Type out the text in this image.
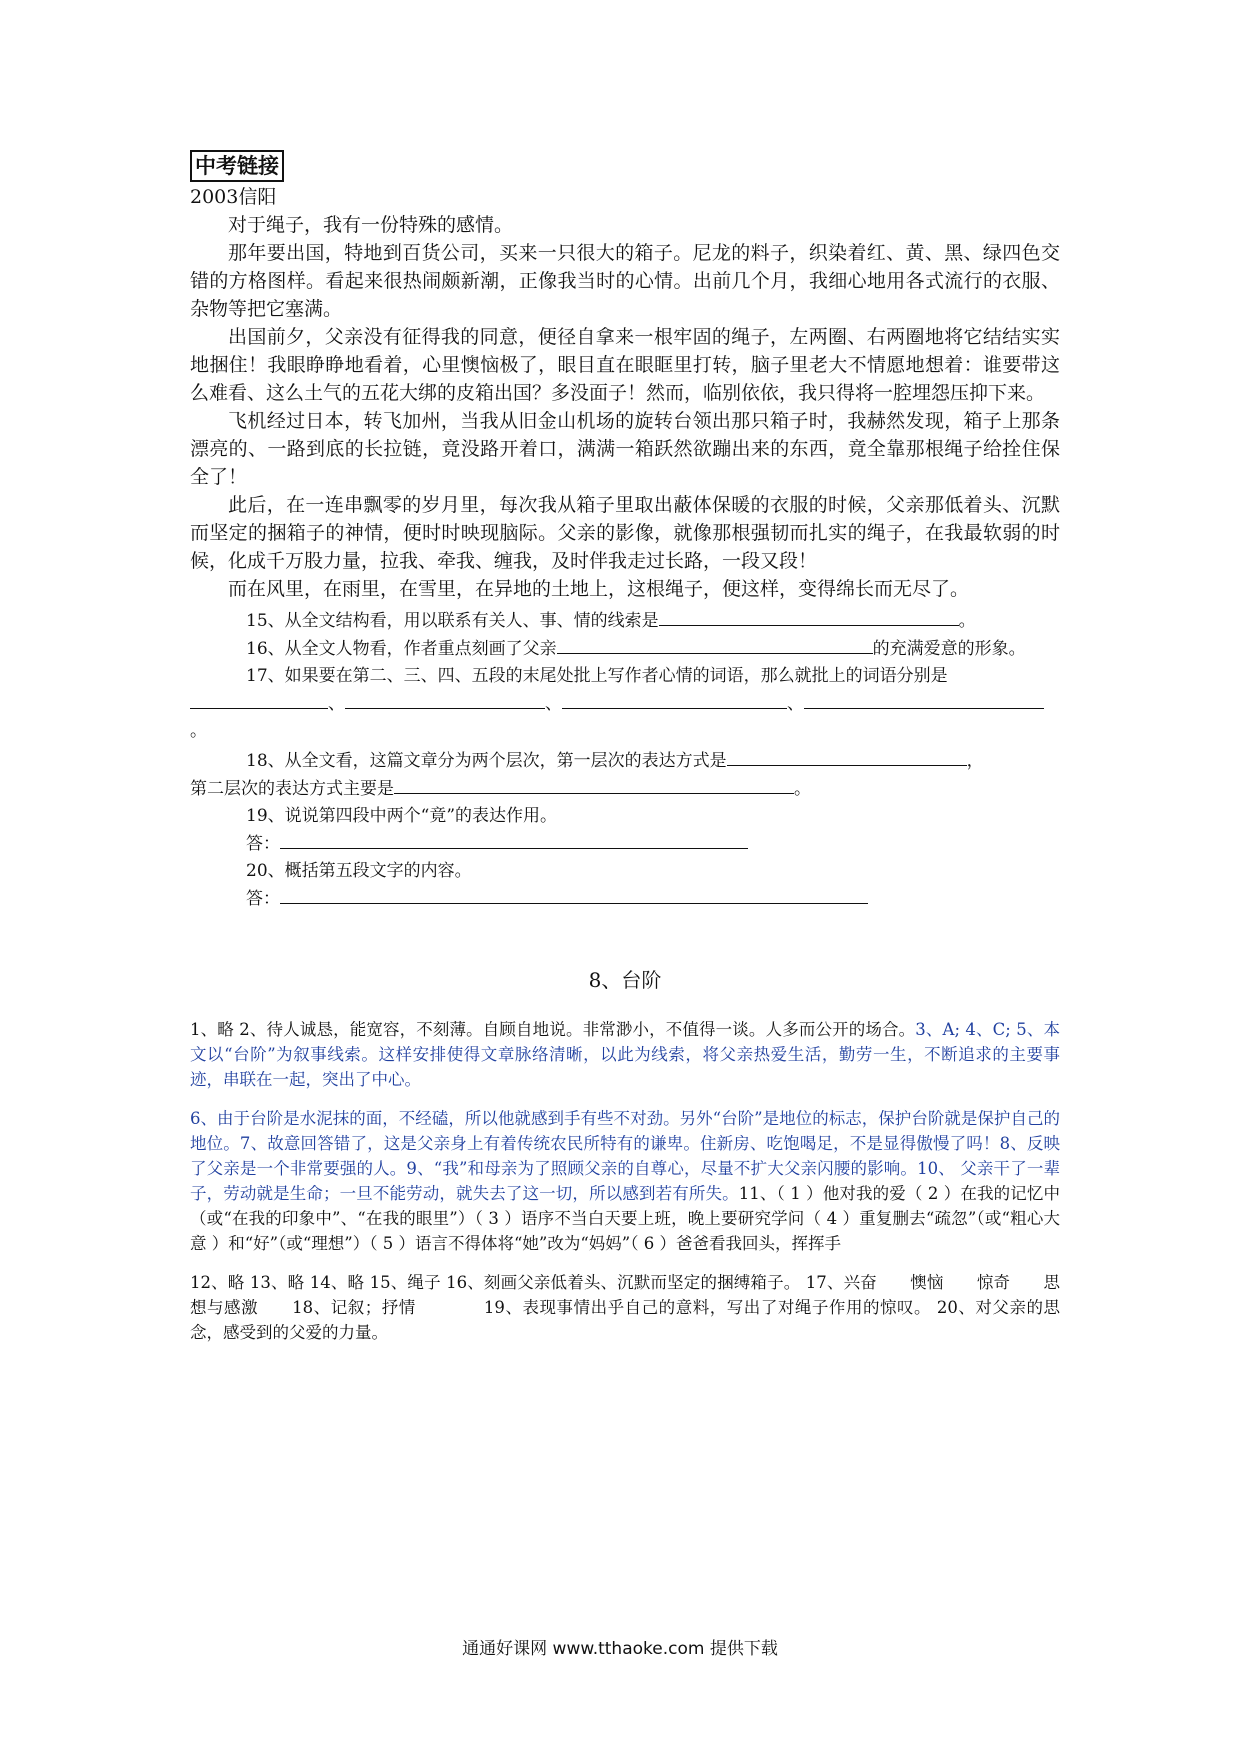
中考链接
2003信阳

对于绳子，我有一份特殊的感情。

那年要出国，特地到百货公司，买来一只很大的箱子。尼龙的料子，织染着红、黄、黑、绿四色交错的方格图样。看起来很热闹颇新潮，正像我当时的心情。出前几个月，我细心地用各式流行的衣服、杂物等把它塞满。

出国前夕，父亲没有征得我的同意，便径自拿来一根牢固的绳子，左两圈、右两圈地将它结结实实地捆住！我眼睁睁地看着，心里懊恼极了，眼目直在眼眶里打转，脑子里老大不情愿地想着：谁要带这么难看、这么土气的五花大绑的皮箱出国？多没面子！然而，临别依依，我只得将一腔埋怨压抑下来。

飞机经过日本，转飞加州，当我从旧金山机场的旋转台领出那只箱子时，我赫然发现，箱子上那条漂亮的、一路到底的长拉链，竟没路开着口，满满一箱跃然欲蹦出来的东西，竟全靠那根绳子给拴住保全了！

此后，在一连串飘零的岁月里，每次我从箱子里取出蔽体保暖的衣服的时候，父亲那低着头、沉默而坚定的捆箱子的神情，便时时映现脑际。父亲的影像，就像那根强韧而扎实的绳子，在我最软弱的时候，化成千万股力量，拉我、牵我、缠我，及时伴我走过长路，一段又段！

而在风里，在雨里，在雪里，在异地的土地上，这根绳子，便这样，变得绵长而无尽了。

15、从全文结构看，用以联系有关人、事、情的线索是	。

16、从全文人物看，作者重点刻画了父亲	的充满爱意的形象。

17、如果要在第二、三、四、五段的末尾处批上写作者心情的词语，那么就批上的词语分别是

、	、	、。

18、从全文看，这篇文章分为两个层次，第一层次的表达方式是	，

第二层次的表达方式主要是	。

19、说说第四段中两个“竟”的表达作用。

答：

20、概括第五段文字的内容。

答：

8、台阶

1、略 2、待人诚恳，能宽容，不刻薄。自顾自地说。非常渺小，不值得一谈。人多而公开的场合。3、A; 4、C; 5、本文以“台阶”为叙事线索。这样安排使得文章脉络清晰，以此为线索，将父亲热爱生活，勤劳一生，不断追求的主要事迹，串联在一起，突出了中心。

6、由于台阶是水泥抹的面，不经磕，所以他就感到手有些不对劲。另外“台阶”是地位的标志，保护台阶就是保护自己的地位。7、故意回答错了，这是父亲身上有着传统农民所特有的谦卑。住新房、吃饱喝足，不是显得傲慢了吗！8、反映了父亲是一个非常要强的人。9、“我”和母亲为了照顾父亲的自尊心，尽量不扩大父亲闪腰的影响。10、 父亲干了一辈子，劳动就是生命；一旦不能劳动，就失去了这一切，所以感到若有所失。11、（ 1 ）他对我的爱（ 2 ）在我的记忆中（或“在我的印象中”、“在我的眼里”）（ 3 ）语序不当白天要上班，晚上要研究学问（ 4 ）重复删去“疏忽”（或“粗心大意 ）和“好”（或“理想”）（ 5 ）语言不得体将“她”改为“妈妈”（ 6 ）爸爸看我回头，挥挥手

12、略 13、略 14、略 15、绳子 16、刻画父亲低着头、沉默而坚定的捆缚箱子。 17、兴奋　　懊恼　　惊奇　　思想与感激　　18、记叙；抒情　　　　19、表现事情出乎自己的意料，写出了对绳子作用的惊叹。 20、对父亲的思念，感受到的父爱的力量。

通通好课网 www.tthaoke.com 提供下载
